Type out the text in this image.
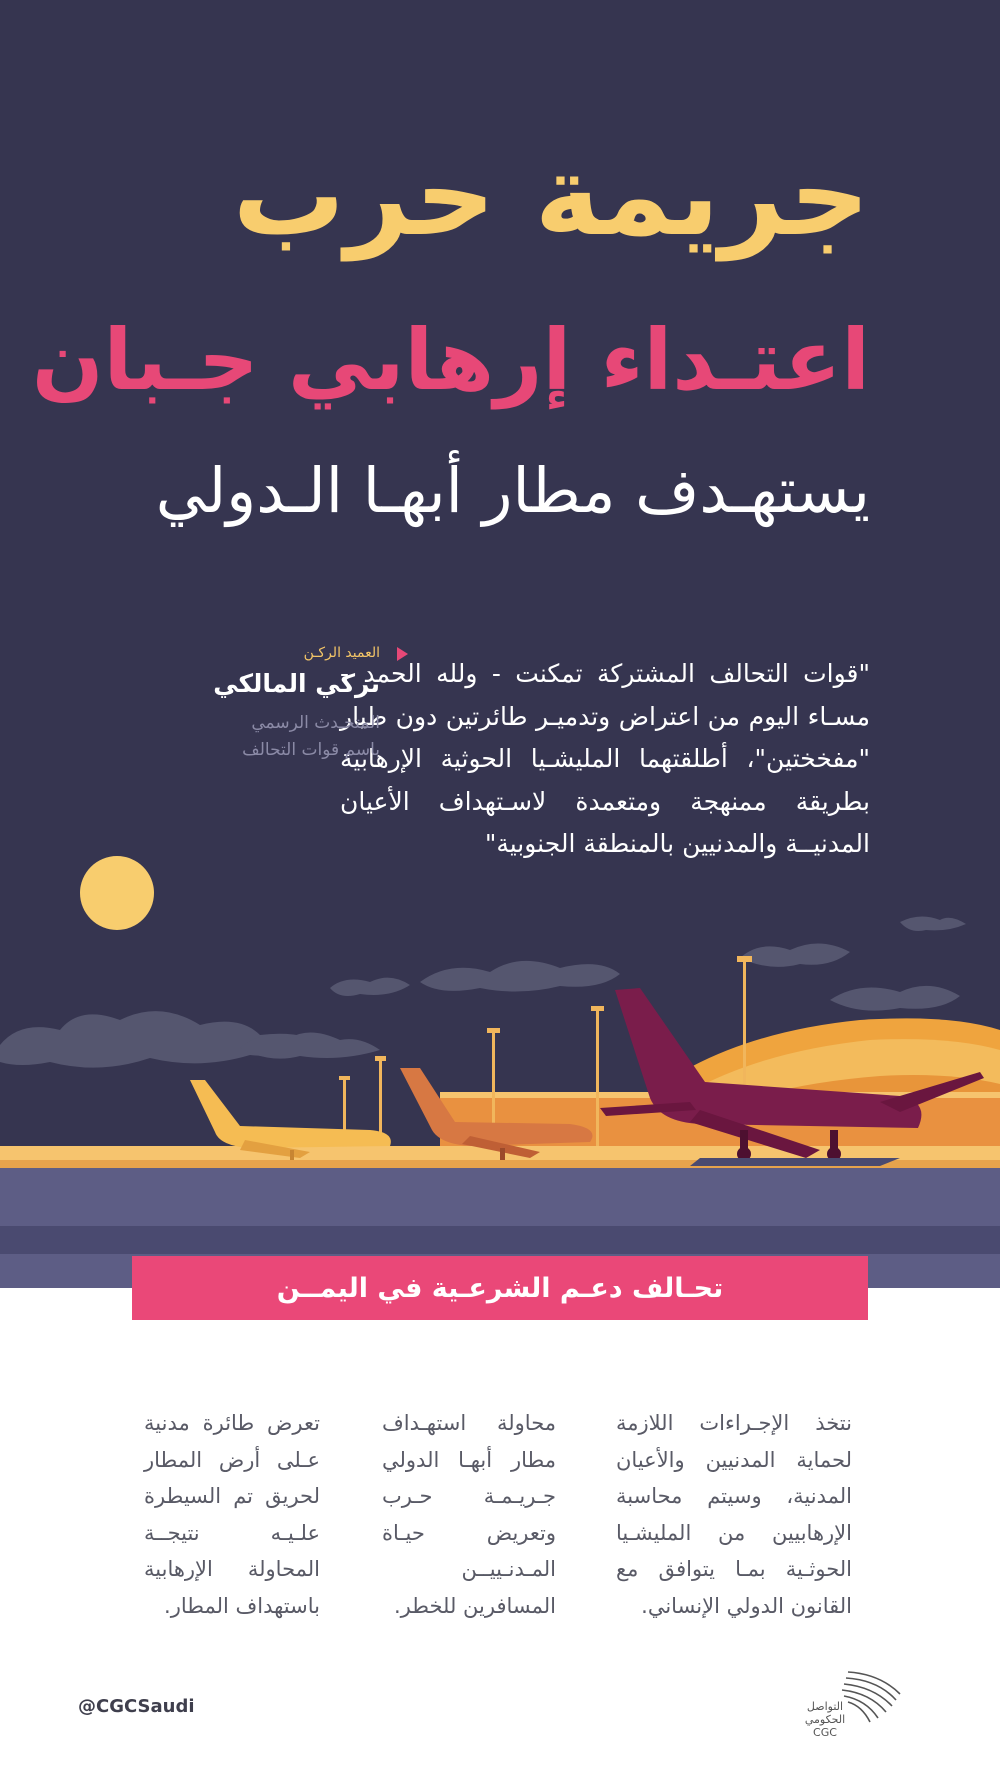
جريمة حرب
اعتـداء إرهابي جـبان
يستهـدف مطار أبهـا الـدولي

"قوات التحالف المشتركة تمكنت - ولله الحمد - مسـاء اليوم من اعتراض وتدميـر طائرتين دون طيار "مفخختين"، أطلقتهما المليشـيا الحوثية الإرهابية بطريقة ممنهجة ومتعمدة لاسـتهداف الأعيان المدنيــة والمدنيين بالمنطقة الجنوبية"

العميد الركـن
تركي المالكي
المتحـدث الرسمي
باسم قوات التحالف
تحـالف دعـم الشرعـية في اليمــن

نتخذ الإجـراءات اللازمة لحماية المدنيين والأعيان المدنية، وسيتم محاسبة الإرهابيين من المليشـيا الحوثـية بمـا يتوافق مع القانون الدولي الإنساني.

محاولة استهـداف مطار أبهـا الدولي جـريـمـة حـرب وتعريض حيـاة المـدنـييــن المسافرين للخطر.

تعرض طائرة مدنية عـلى أرض المطار لحريق تم السيطرة علـيـه نتيجــة المحاولة الإرهابية باستهداف المطار.

@CGCSaudi	التواصل
الحكومي
CGC
